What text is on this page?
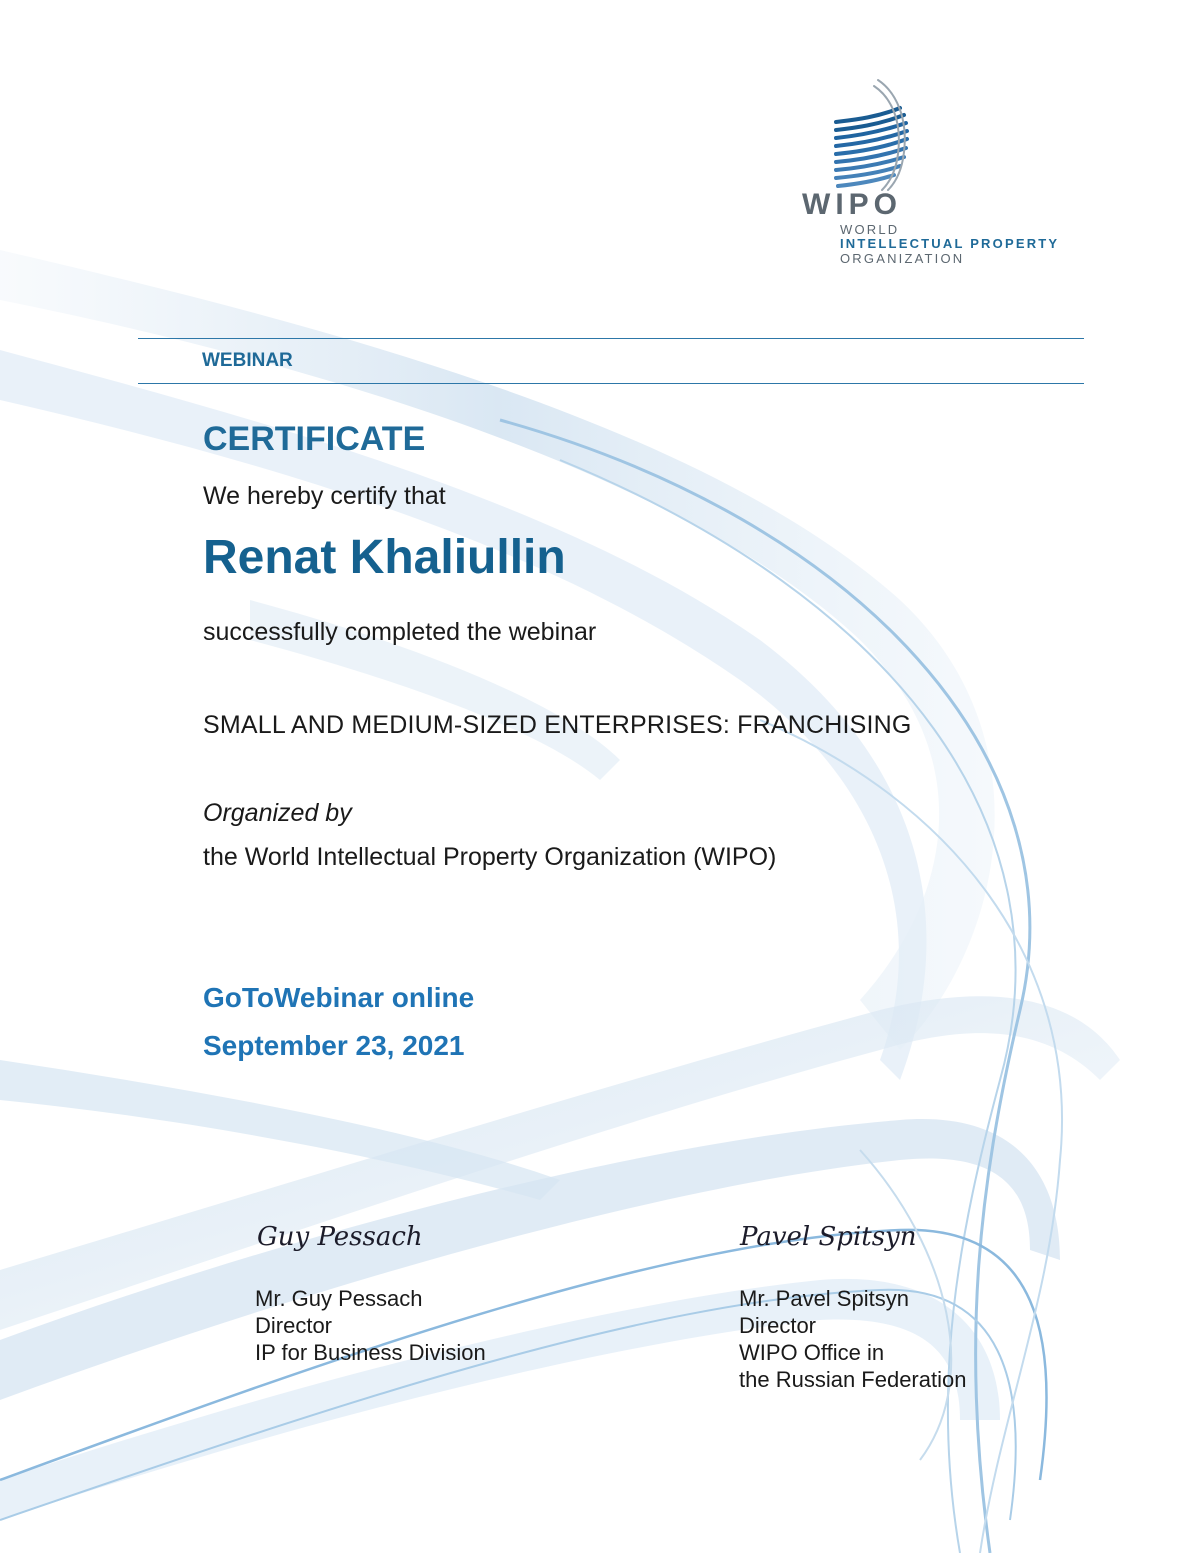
WIPO
WORLD
INTELLECTUAL PROPERTY
ORGANIZATION
WEBINAR
CERTIFICATE
We hereby certify that
Renat Khaliullin
successfully completed the webinar
SMALL AND MEDIUM-SIZED ENTERPRISES: FRANCHISING
Organized by
the World Intellectual Property Organization (WIPO)
GoToWebinar online
September 23, 2021
Guy Pessach
Mr. Guy Pessach
Director
IP for Business Division
Pavel Spitsyn
Mr. Pavel Spitsyn
Director
WIPO Office in
the Russian Federation
